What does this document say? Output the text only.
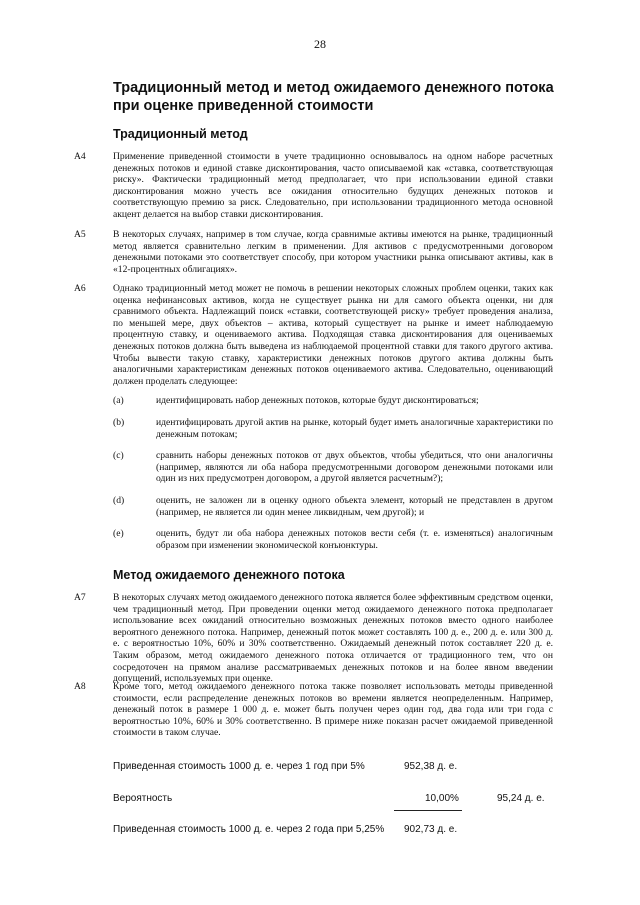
28
Традиционный метод и метод ожидаемого денежного потока
при оценке приведенной стоимости
Традиционный метод
A4	Применение приведенной стоимости в учете традиционно основывалось на одном наборе расчетных денежных потоков и единой ставке дисконтирования, часто описываемой как «ставка, соответствующая риску». Фактически традиционный метод предполагает, что при использовании единой ставки дисконтирования можно учесть все ожидания относительно будущих денежных потоков и соответствующую премию за риск. Следовательно, при использовании традиционного метода основной акцент делается на выбор ставки дисконтирования.

A5	В некоторых случаях, например в том случае, когда сравнимые активы имеются на рынке, традиционный метод является сравнительно легким в применении. Для активов с предусмотренными договором денежными потоками это соответствует способу, при котором участники рынка описывают активы, как в «12-процентных облигациях».

A6	Однако традиционный метод может не помочь в решении некоторых сложных проблем оценки, таких как оценка нефинансовых активов, когда не существует рынка ни для самого объекта оценки, ни для сравнимого объекта. Надлежащий поиск «ставки, соответствующей риску» требует проведения анализа, по меньшей мере, двух объектов – актива, который существует на рынке и имеет наблюдаемую процентную ставку, и оцениваемого актива. Подходящая ставка дисконтирования для оцениваемых денежных потоков должна быть выведена из наблюдаемой процентной ставки для такого другого актива. Чтобы вывести такую ставку, характеристики денежных потоков другого актива должны быть аналогичными характеристикам денежных потоков оцениваемого актива. Следовательно, оценивающий должен проделать следующее:

(a)	идентифицировать набор денежных потоков, которые будут дисконтироваться;
(b)	идентифицировать другой актив на рынке, который будет иметь аналогичные характеристики по денежным потокам;
(c)	сравнить наборы денежных потоков от двух объектов, чтобы убедиться, что они аналогичны (например, являются ли оба набора предусмотренными договором денежными потоками или один из них предусмотрен договором, а другой является расчетным?);
(d)	оценить, не заложен ли в оценку одного объекта элемент, который не представлен в другом (например, не является ли один менее ликвидным, чем другой); и
(e)	оценить, будут ли оба набора денежных потоков вести себя (т. е. изменяться) аналогичным образом при изменении экономической конъюнктуры.
Метод ожидаемого денежного потока
A7	В некоторых случаях метод ожидаемого денежного потока является более эффективным средством оценки, чем традиционный метод. При проведении оценки метод ожидаемого денежного потока предполагает использование всех ожиданий относительно возможных денежных потоков вместо одного наиболее вероятного денежного потока. Например, денежный поток может составлять 100 д. е., 200 д. е. или 300 д. е. с вероятностью 10%, 60% и 30% соответственно. Ожидаемый денежный поток составляет 220 д. е. Таким образом, метод ожидаемого денежного потока отличается от традиционного тем, что он сосредоточен на прямом анализе рассматриваемых денежных потоков и на более явном введении допущений, используемых при оценке.

A8	Кроме того, метод ожидаемого денежного потока также позволяет использовать методы приведенной стоимости, если распределение денежных потоков во времени является неопределенным. Например, денежный поток в размере 1 000 д. е. может быть получен через один год, два года или три года с вероятностью 10%, 60% и 30% соответственно. В примере ниже показан расчет ожидаемой приведенной стоимости в таком случае.

Приведенная стоимость 1000 д. е. через 1 год при 5%	952,38 д. е.
Вероятность	10,00%	95,24 д. е.
Приведенная стоимость 1000 д. е. через 2 года при 5,25% 902,73 д. е.
